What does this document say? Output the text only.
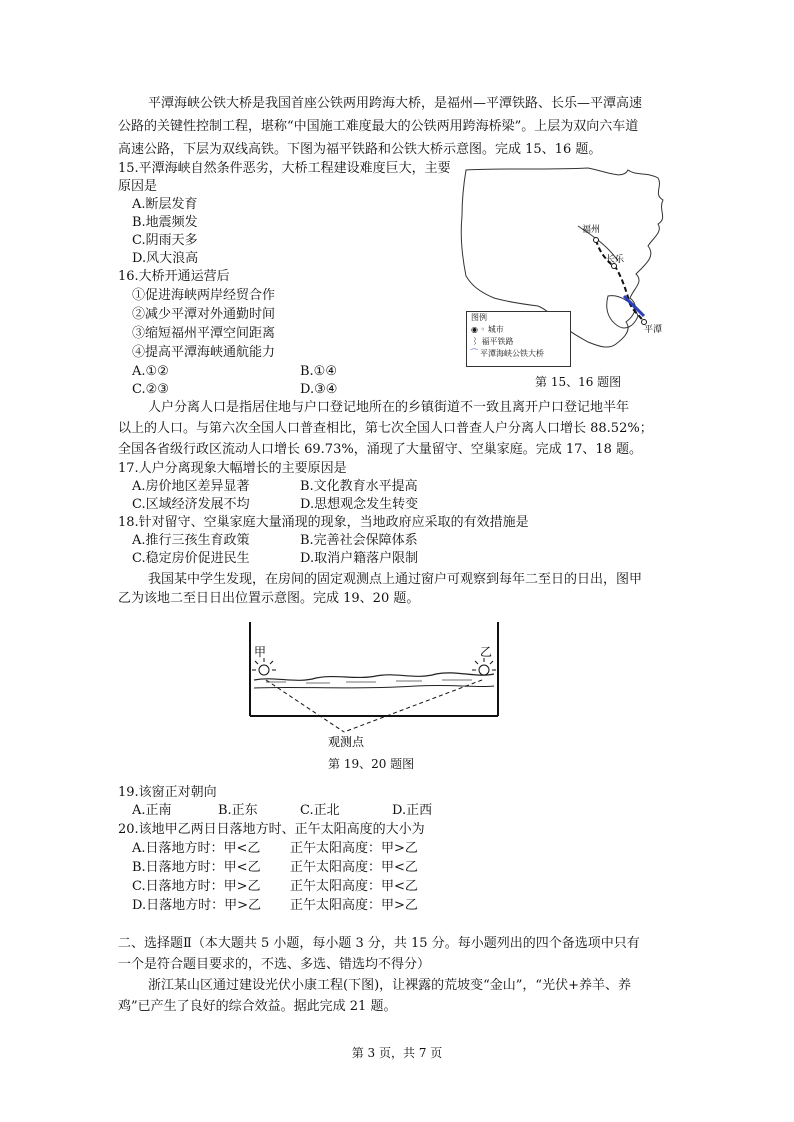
平潭海峡公铁大桥是我国首座公铁两用跨海大桥，是福州—平潭铁路、长乐—平潭高速
公路的关键性控制工程，堪称“中国施工难度最大的公铁两用跨海桥梁”。上层为双向六车道
高速公路，下层为双线高铁。下图为福平铁路和公铁大桥示意图。完成 15、16 题。
15.平潭海峡自然条件恶劣，大桥工程建设难度巨大，主要
原因是
A.断层发育
B.地震频发
C.阴雨天多
D.风大浪高
16.大桥开通运营后
①促进海峡两岸经贸合作
②减少平潭对外通勤时间
③缩短福州平潭空间距离
④提高平潭海峡通航能力
A.①②	B.①④
C.②③	D.③④
福州
长乐
平潭
图例
◉ ◦ 城市
⌇ 福平铁路
⁀ 平潭海峡公铁大桥
第 15、16 题图
人户分离人口是指居住地与户口登记地所在的乡镇街道不一致且离开户口登记地半年
以上的人口。与第六次全国人口普查相比，第七次全国人口普查人户分离人口增长 88.52%；
全国各省级行政区流动人口增长 69.73%，涌现了大量留守、空巢家庭。完成 17、18 题。
17.人户分离现象大幅增长的主要原因是
A.房价地区差异显著	B.文化教育水平提高
C.区域经济发展不均	D.思想观念发生转变
18.针对留守、空巢家庭大量涌现的现象，当地政府应采取的有效措施是
A.推行三孩生育政策	B.完善社会保障体系
C.稳定房价促进民生	D.取消户籍落户限制
我国某中学生发现，在房间的固定观测点上通过窗户可观察到每年二至日的日出，图甲
乙为该地二至日日出位置示意图。完成 19、20 题。
甲	乙
观测点
第 19、20 题图
19.该窗正对朝向
A.正南	B.正东	C.正北	D.正西
20.该地甲乙两日日落地方时、正午太阳高度的大小为
A.日落地方时：甲<乙 正午太阳高度：甲>乙
B.日落地方时：甲<乙 正午太阳高度：甲<乙
C.日落地方时：甲>乙 正午太阳高度：甲<乙
D.日落地方时：甲>乙 正午太阳高度：甲>乙
二、选择题Ⅱ（本大题共 5 小题，每小题 3 分，共 15 分。每小题列出的四个备选项中只有
一个是符合题目要求的，不选、多选、错选均不得分）
浙江某山区通过建设光伏小康工程(下图)，让裸露的荒坡变“金山”，“光伏+养羊、养
鸡”已产生了良好的综合效益。据此完成 21 题。
第 3 页，共 7 页
